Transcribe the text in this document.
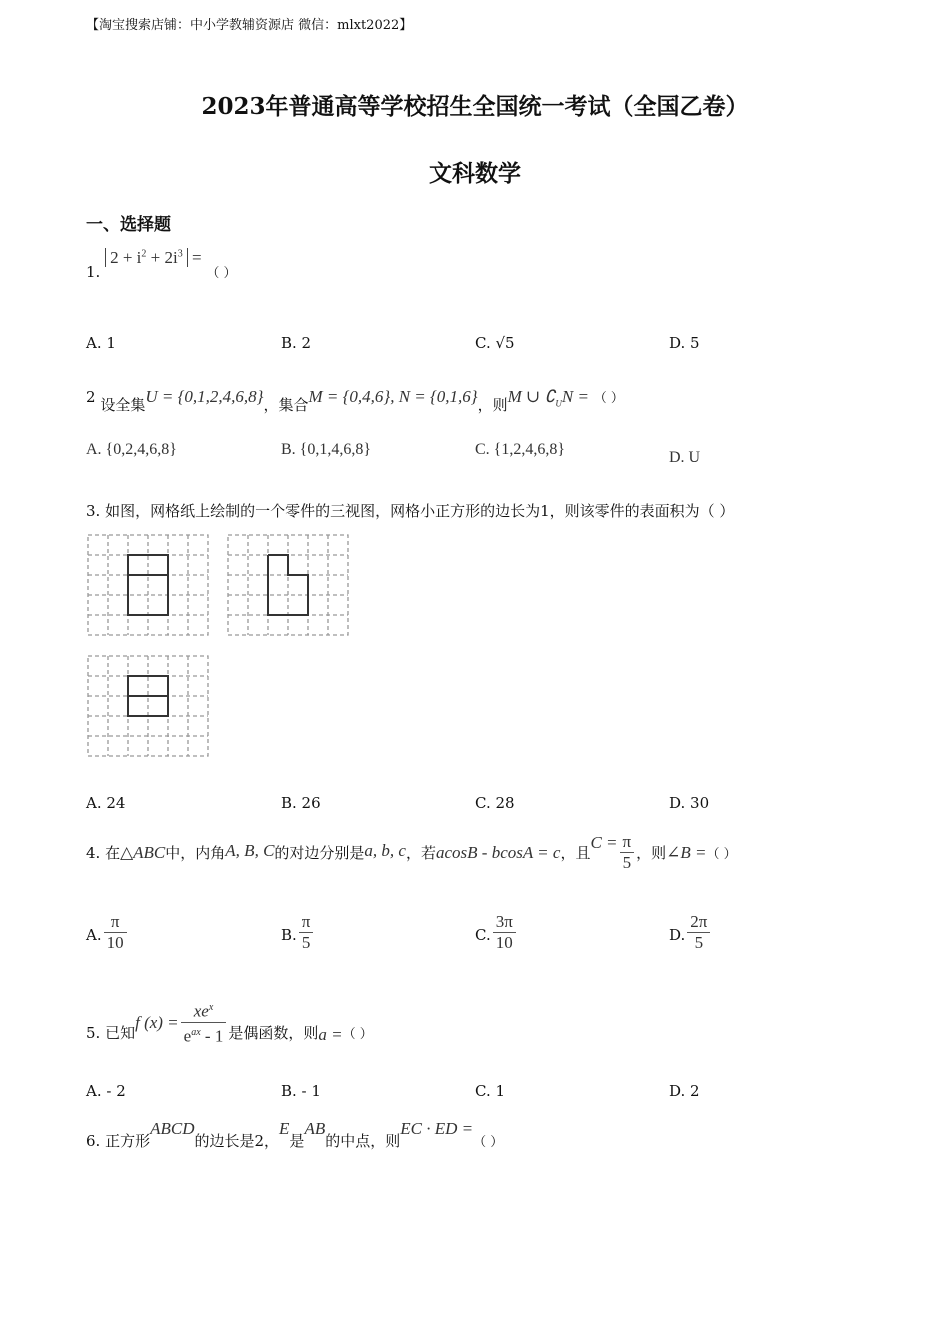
【淘宝搜索店铺：中小学教辅资源店 微信：mlxt2022】
2023年普通高等学校招生全国统一考试（全国乙卷）
文科数学
一、选择题
1. $2 + i^2 + 2i^3$ = （ ）
A. 1	B. 2	C. √5	D. 5
2 设全集U = {0,1,2,4,6,8}，集合M = {0,4,6}, N = {0,1,6}，则M ∪ $∁_UN$ = （ ）
A. {0,2,4,6,8}	B. {0,1,4,6,8}	C. {1,2,4,6,8}	D. U
3. 如图，网格纸上绘制的一个零件的三视图，网格小正方形的边长为1，则该零件的表面积为（ ）
A. 24	B. 26	C. 28	D. 30
4. 在△ABC中，内角A, B, C的对边分别是a, b, c，若acosB - bcosA = c，且$C = \frac{\pi}{5}$ ，则∠B =（ ）
A. $\frac{\pi}{10}$	B. $\frac{\pi}{5}$	C. $\frac{3\pi}{10}$	D. $\frac{2\pi}{5}$
5. 已知f $(x) = \frac{xe^x}{e^{ax} - 1}$ 是偶函数，则a =（ ）
A. - 2	B. - 1	C. 1	D. 2
6. 正方形ABCD的边长是2，E是AB的中点，则EC · ED =（ ）
